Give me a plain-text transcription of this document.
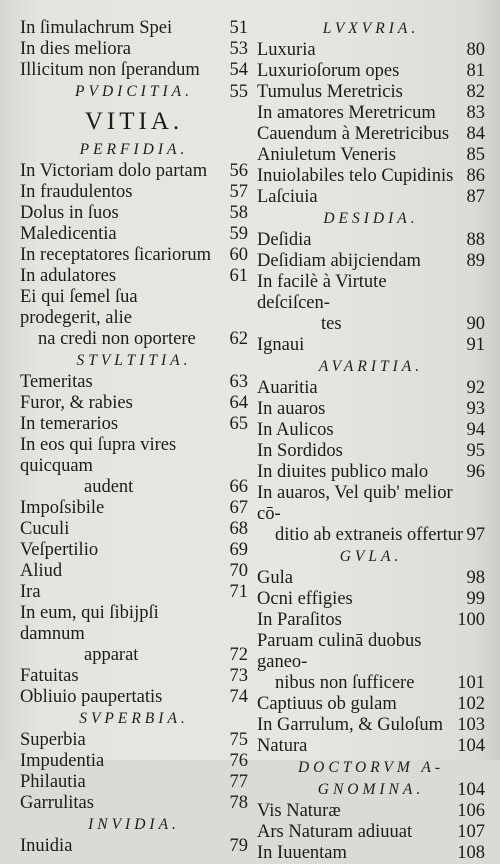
In ſimulachrum Spei	51
In dies meliora	53
Illicitum non ſperandum 54
PVDICITIA. 55
VITIA.
PERFIDIA.
In Victoriam dolo partam 56
In fraudulentos	57
Dolus in ſuos	58
Maledicentia	59
In receptatores ſicariorum 60
In adulatores	61
Ei qui ſemel ſua prodegerit, alie
na credi non oportere	62
STVLTITIA.
Temeritas	63
Furor, & rabies	64
In temerarios	65
In eos qui ſupra vires quicquam
audent	66
Impoſsibile	67
Cuculi	68
Veſpertilio	69
Aliud	70
Ira	71
In eum, qui ſibijpſi damnum
apparat	72
Fatuitas	73
Obliuio paupertatis	74
SVPERBIA.
Superbia	75
Impudentia	76
Philautia	77
Garrulitas	78
INVIDIA.
Inuidia	79
LVXVRIA.
Luxuria	80
Luxurioſorum opes	81
Tumulus Meretricis	82
In amatores Meretricum 83
Cauendum à Meretricibus 84
Aniuletum Veneris	85
Inuiolabiles telo Cupidinis 86
Laſciuia	87
DESIDIA.
Deſidia	88
Deſidiam abijciendam 89
In facilè à Virtute deſciſcen-
tes	90
Ignaui	91
AVARITIA.
Auaritia	92
In auaros	93
In Aulicos	94
In Sordidos	95
In diuites publico malo 96
In auaros, Vel quib' melior cō-
ditio ab extraneis offertur 97
GVLA.
Gula	98
Ocni effigies	99
In Paraſitos	100
Paruam culinā duobus ganeo-
nibus non ſufficere	101
Captiuus ob gulam	102
In Garrulum, & Guloſum 103
Natura	104
DOCTORVM A-
GNOMINA. 104
Vis Naturæ	106
Ars Naturam adiuuat 107
In Iuuentam	108
